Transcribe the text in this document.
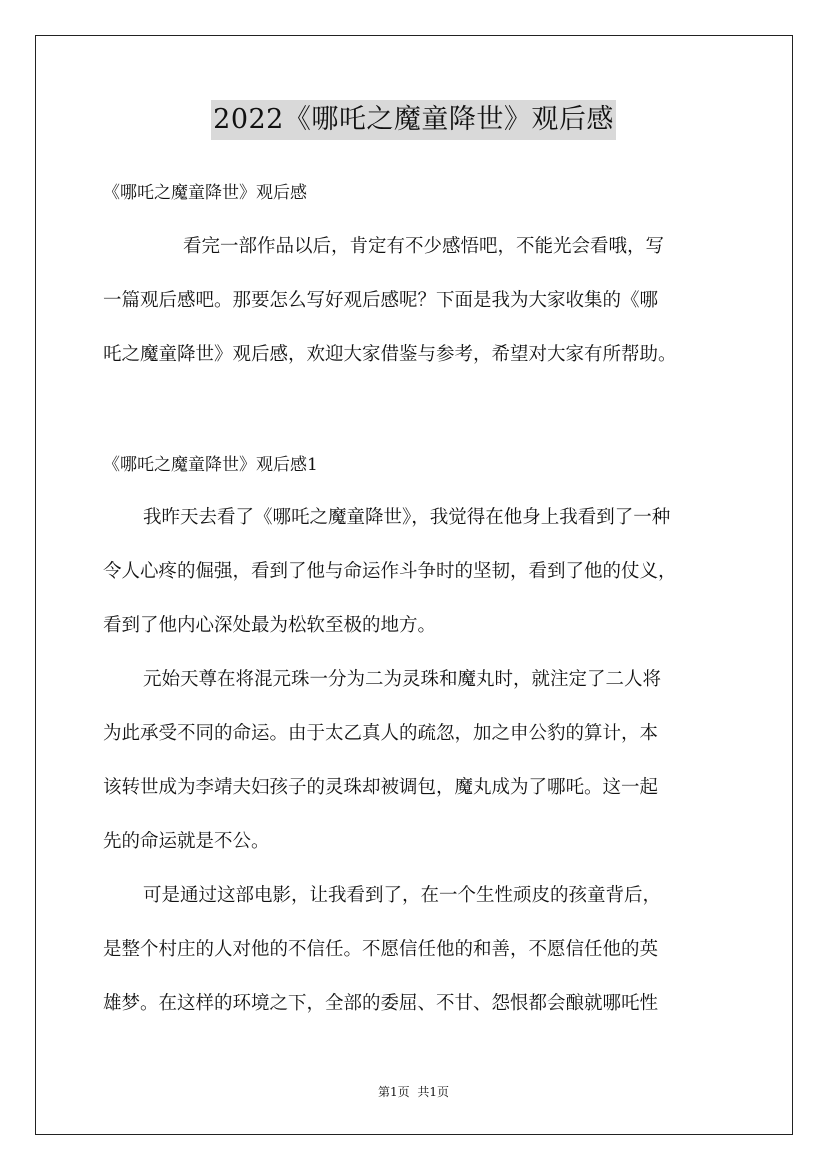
2022《哪吒之魔童降世》观后感
《哪吒之魔童降世》观后感
看完一部作品以后，肯定有不少感悟吧，不能光会看哦，写
一篇观后感吧。那要怎么写好观后感呢？下面是我为大家收集的《哪
吒之魔童降世》观后感，欢迎大家借鉴与参考，希望对大家有所帮助。
《哪吒之魔童降世》观后感1
我昨天去看了《哪吒之魔童降世》，我觉得在他身上我看到了一种
令人心疼的倔强，看到了他与命运作斗争时的坚韧，看到了他的仗义，
看到了他内心深处最为松软至极的地方。
元始天尊在将混元珠一分为二为灵珠和魔丸时，就注定了二人将
为此承受不同的命运。由于太乙真人的疏忽，加之申公豹的算计，本
该转世成为李靖夫妇孩子的灵珠却被调包，魔丸成为了哪吒。这一起
先的命运就是不公。
可是通过这部电影，让我看到了，在一个生性顽皮的孩童背后，
是整个村庄的人对他的不信任。不愿信任他的和善，不愿信任他的英
雄梦。在这样的环境之下，全部的委屈、不甘、怨恨都会酿就哪吒性
第1页 共1页
